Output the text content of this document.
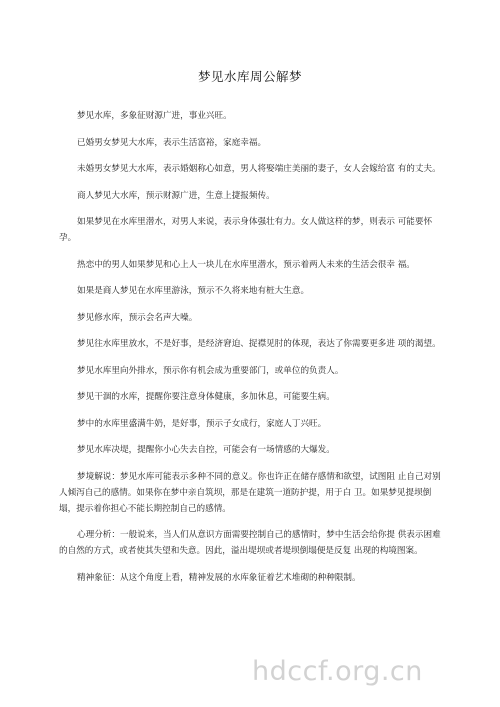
梦见水库周公解梦

梦见水库，多象征财源广进，事业兴旺。

已婚男女梦见大水库，表示生活富裕，家庭幸福。

未婚男女梦见大水库，表示婚姻称心如意，男人将娶端庄美丽的妻子，女人会嫁给富 有的丈夫。

商人梦见大水库，预示财源广进，生意上捷报频传。

如果梦见在水库里潜水，对男人来说，表示身体强壮有力。女人做这样的梦，则表示 可能要怀孕。

热恋中的男人如果梦见和心上人一块儿在水库里潜水，预示着两人未来的生活会很幸 福。

如果是商人梦见在水库里游泳，预示不久将来地有桩大生意。

梦见修水库，预示会名声大噪。

梦见往水库里放水，不是好事，是经济窘迫、捉襟见肘的体现，表达了你需要更多进 项的渴望。

梦见水库里向外排水，预示你有机会成为重要部门，或单位的负责人。

梦见干涸的水库，提醒你要注意身体健康，多加休息，可能要生病。

梦中的水库里盛满牛奶，是好事，预示子女成行，家庭人丁兴旺。

梦见水库决堤，提醒你小心失去自控，可能会有一场情感的大爆发。

梦境解说：梦见水库可能表示多种不同的意义。你也许正在储存感情和欲望，试图阻 止自己对别人倾泻自己的感情。如果你在梦中亲自筑坝，那是在建筑一道防护提，用于白 卫。如果梦见提坝倒塌，提示着你担心不能长期控制自己的感情。

心理分析：一般说来，当人们从意识方面需要控制自己的感情时，梦中生活会给你提 供表示困难的自然的方式，或者使其失望和失意。因此，溢出堤坝或者堤坝倒塌便是反复 出现的构境图案。

精神象征：从这个角度上看，精神发展的水库象征着艺术堆砌的种种限制。

hdccf.org.cn
